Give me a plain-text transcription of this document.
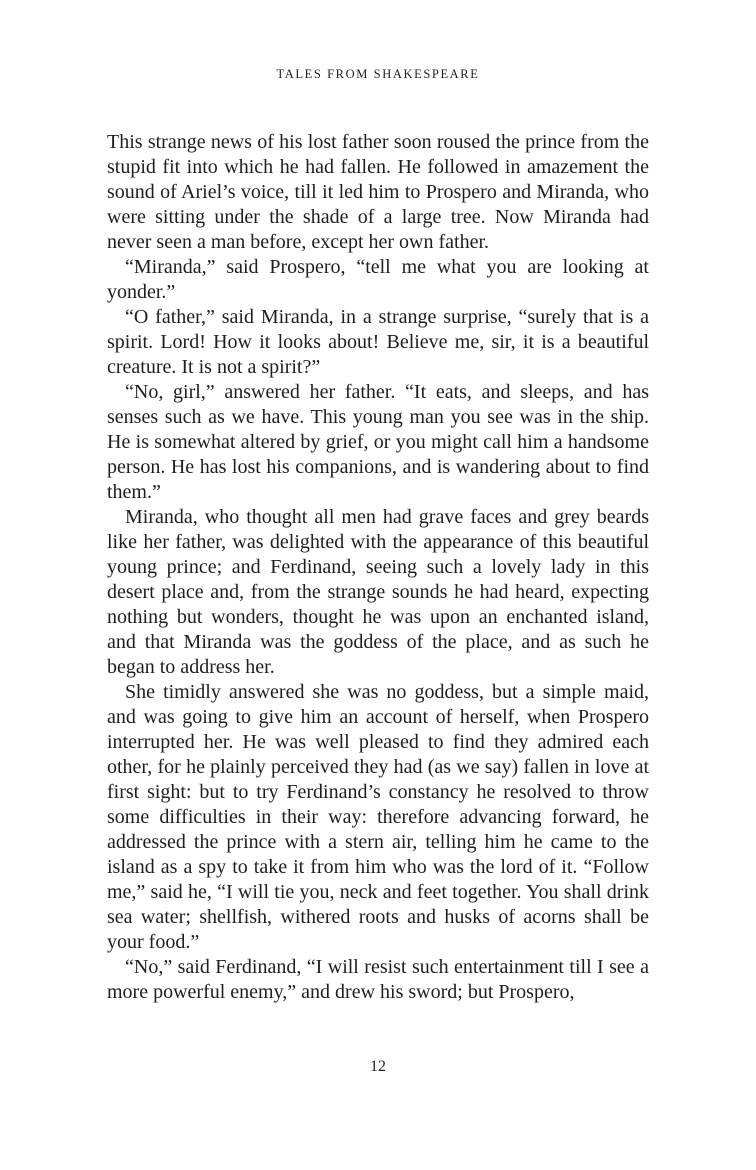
TALES FROM SHAKESPEARE

This strange news of his lost father soon roused the prince from the stupid fit into which he had fallen. He followed in amazement the sound of Ariel’s voice, till it led him to Prospero and Miranda, who were sitting under the shade of a large tree. Now Miranda had never seen a man before, except her own father.

“Miranda,” said Prospero, “tell me what you are looking at yonder.”

“O father,” said Miranda, in a strange surprise, “surely that is a spirit. Lord! How it looks about! Believe me, sir, it is a beautiful creature. It is not a spirit?”

“No, girl,” answered her father. “It eats, and sleeps, and has senses such as we have. This young man you see was in the ship. He is somewhat altered by grief, or you might call him a handsome person. He has lost his companions, and is wandering about to find them.”

Miranda, who thought all men had grave faces and grey beards like her father, was delighted with the appearance of this beautiful young prince; and Ferdinand, seeing such a lovely lady in this desert place and, from the strange sounds he had heard, expecting nothing but wonders, thought he was upon an enchanted island, and that Miranda was the goddess of the place, and as such he began to address her.

She timidly answered she was no goddess, but a simple maid, and was going to give him an account of herself, when Prospero interrupted her. He was well pleased to find they admired each other, for he plainly perceived they had (as we say) fallen in love at first sight: but to try Ferdinand’s constancy he resolved to throw some difficulties in their way: therefore advancing forward, he addressed the prince with a stern air, telling him he came to the island as a spy to take it from him who was the lord of it. “Follow me,” said he, “I will tie you, neck and feet together. You shall drink sea water; shellfish, withered roots and husks of acorns shall be your food.”

“No,” said Ferdinand, “I will resist such entertainment till I see a more powerful enemy,” and drew his sword; but Prospero,

12
